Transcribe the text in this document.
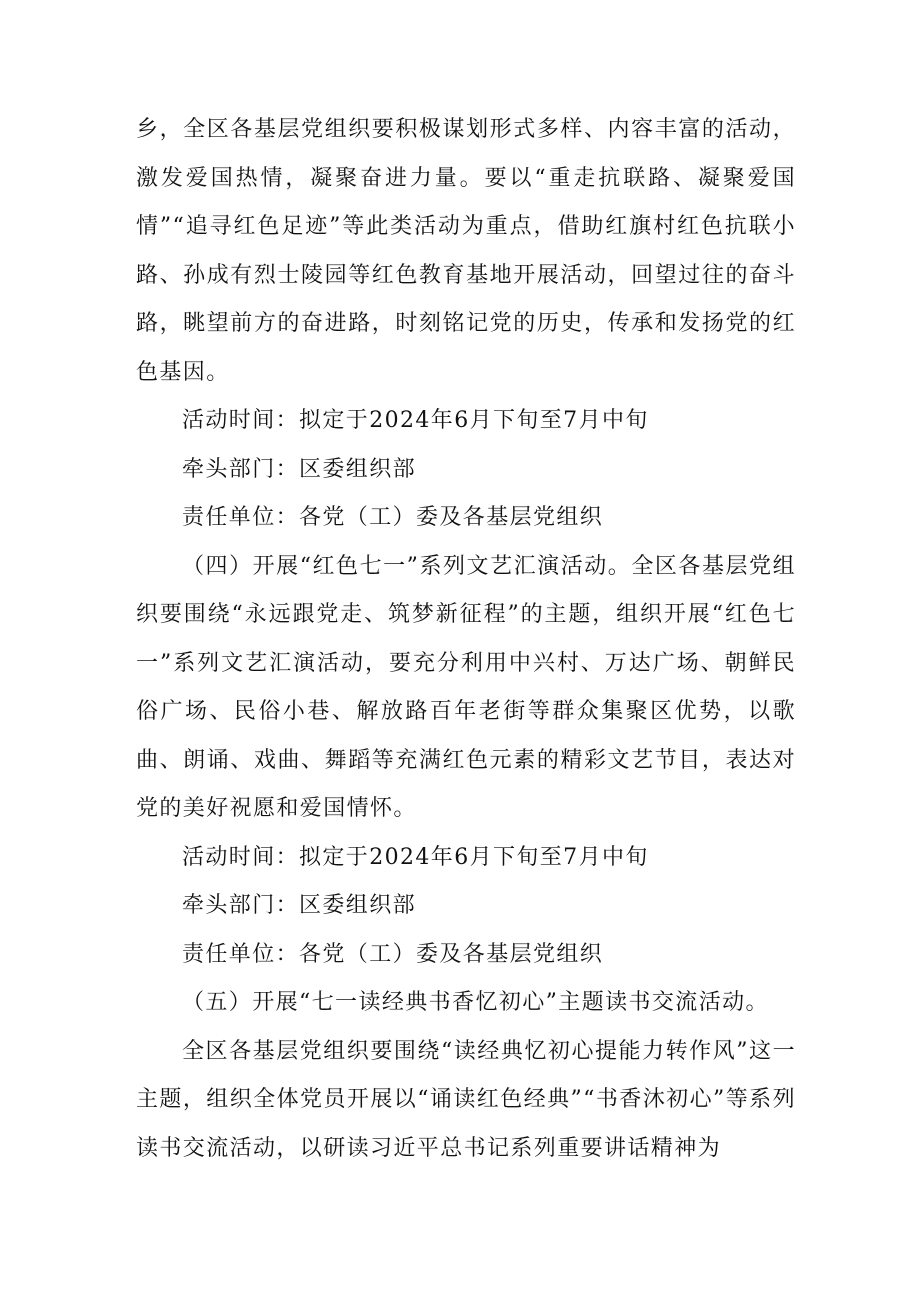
乡，全区各基层党组织要积极谋划形式多样、内容丰富的活动，激发爱国热情，凝聚奋进力量。要以“重走抗联路、凝聚爱国情”“追寻红色足迹”等此类活动为重点，借助红旗村红色抗联小路、孙成有烈士陵园等红色教育基地开展活动，回望过往的奋斗路，眺望前方的奋进路，时刻铭记党的历史，传承和发扬党的红色基因。

活动时间：拟定于2024年6月下旬至7月中旬

牵头部门：区委组织部

责任单位：各党（工）委及各基层党组织

（四）开展“红色七一”系列文艺汇演活动。全区各基层党组织要围绕“永远跟党走、筑梦新征程”的主题，组织开展“红色七一”系列文艺汇演活动，要充分利用中兴村、万达广场、朝鲜民俗广场、民俗小巷、解放路百年老街等群众集聚区优势，以歌曲、朗诵、戏曲、舞蹈等充满红色元素的精彩文艺节目，表达对党的美好祝愿和爱国情怀。

活动时间：拟定于2024年6月下旬至7月中旬

牵头部门：区委组织部

责任单位：各党（工）委及各基层党组织

（五）开展“七一读经典书香忆初心”主题读书交流活动。

全区各基层党组织要围绕“读经典忆初心提能力转作风”这一主题，组织全体党员开展以“诵读红色经典”“书香沐初心”等系列读书交流活动，以研读习近平总书记系列重要讲话精神为
